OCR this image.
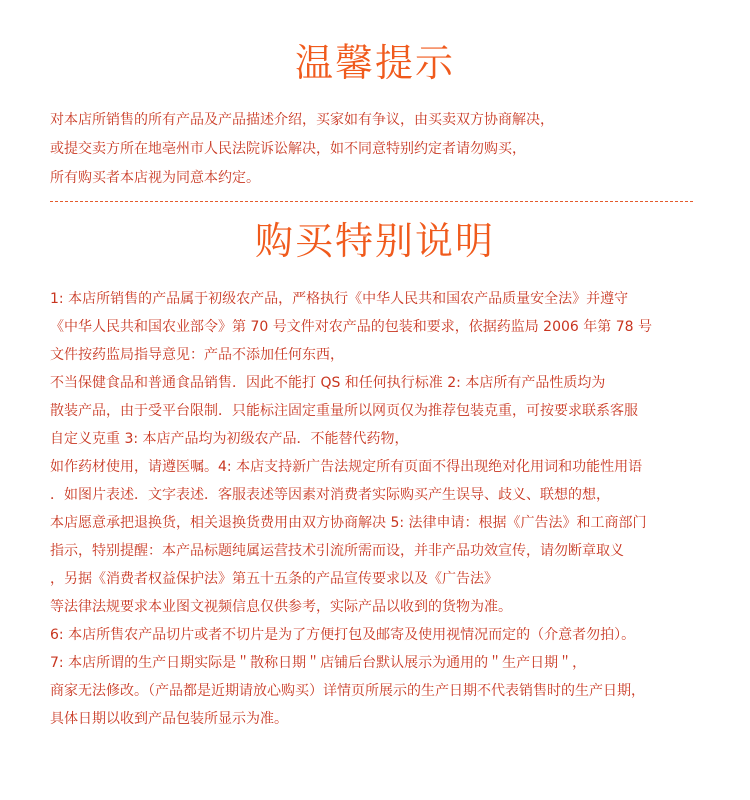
温馨提示
对本店所销售的所有产品及产品描述介绍，买家如有争议，由买卖双方协商解决，
或提交卖方所在地亳州市人民法院诉讼解决，如不同意特别约定者请勿购买，
所有购买者本店视为同意本约定。
购买特别说明
1: 本店所销售的产品属于初级农产品，严格执行《中华人民共和国农产品质量安全法》并遵守
《中华人民共和国农业部令》第 70 号文件对农产品的包装和要求，依据药监局 2006 年第 78 号
文件按药监局指导意见：产品不添加任何东西，
不当保健食品和普通食品销售．因此不能打 QS 和任何执行标准 2: 本店所有产品性质均为
散装产品，由于受平台限制．只能标注固定重量所以网页仅为推荐包装克重，可按要求联系客服
自定义克重 3: 本店产品均为初级农产品．不能替代药物，
如作药材使用，请遵医嘱。4: 本店支持新广告法规定所有页面不得出现绝对化用词和功能性用语
．如图片表述．文字表述．客服表述等因素对消费者实际购买产生误导、歧义、联想的想，
本店愿意承把退换货，相关退换货费用由双方协商解决 5: 法律申请：根据《广告法》和工商部门
指示，特别提醒：本产品标题纯属运营技术引流所需而设，并非产品功效宣传，请勿断章取义
，另据《消费者权益保护法》第五十五条的产品宣传要求以及《广告法》
等法律法规要求本业图文视频信息仅供参考，实际产品以收到的货物为准。
6: 本店所售农产品切片或者不切片是为了方便打包及邮寄及使用视情况而定的（介意者勿拍）。
7: 本店所谓的生产日期实际是＂散称日期＂店铺后台默认展示为通用的＂生产日期＂，
商家无法修改。（产品都是近期请放心购买）详情页所展示的生产日期不代表销售时的生产日期，
具体日期以收到产品包装所显示为准。
